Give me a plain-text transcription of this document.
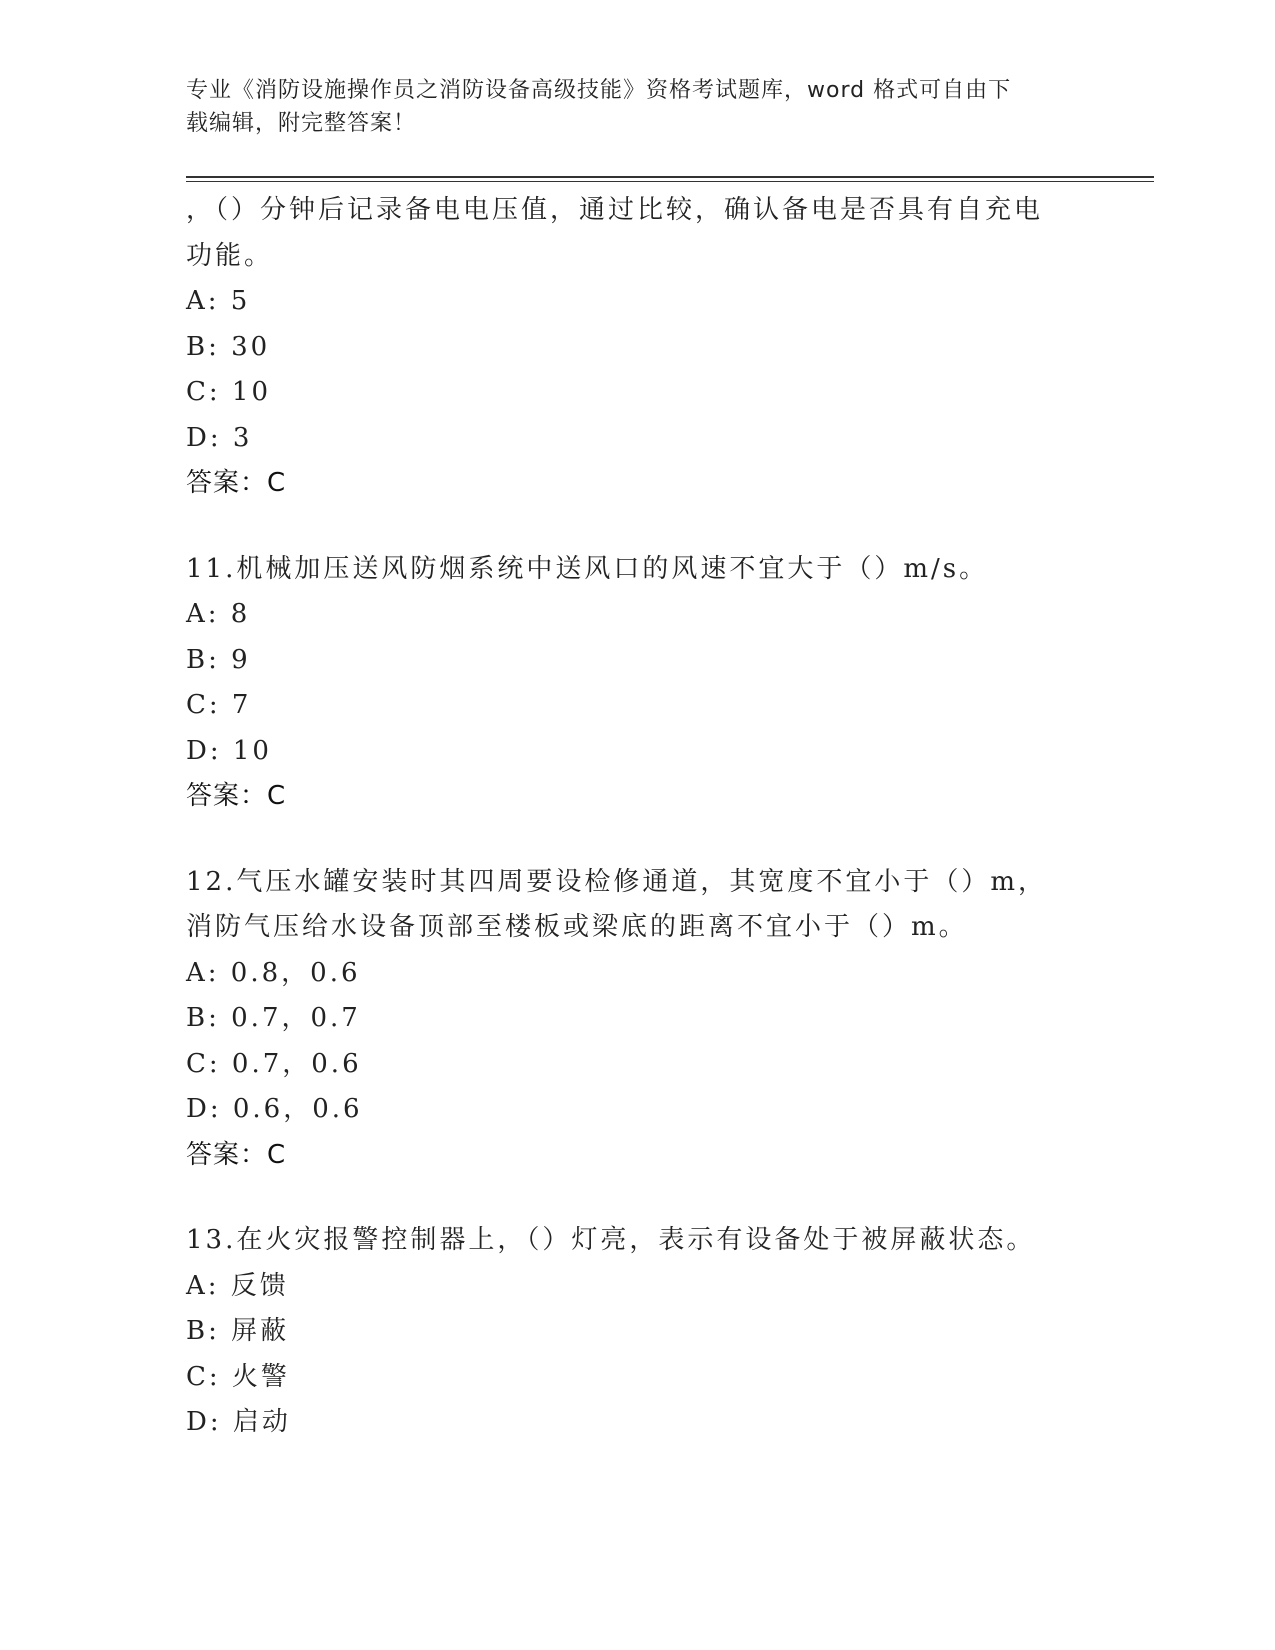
专业《消防设施操作员之消防设备高级技能》资格考试题库，word 格式可自由下
载编辑，附完整答案！
，（）分钟后记录备电电压值，通过比较，确认备电是否具有自充电功能。
A: 5
B: 30
C: 10
D: 3
答案：C
11.机械加压送风防烟系统中送风口的风速不宜大于（）m/s。
A: 8
B: 9
C: 7
D: 10
答案：C
12.气压水罐安装时其四周要设检修通道，其宽度不宜小于（）m，消防气压给水设备顶部至楼板或梁底的距离不宜小于（）m。
A: 0.8，0.6
B: 0.7，0.7
C: 0.7，0.6
D: 0.6，0.6
答案：C
13.在火灾报警控制器上，（）灯亮，表示有设备处于被屏蔽状态。
A: 反馈
B: 屏蔽
C: 火警
D: 启动
